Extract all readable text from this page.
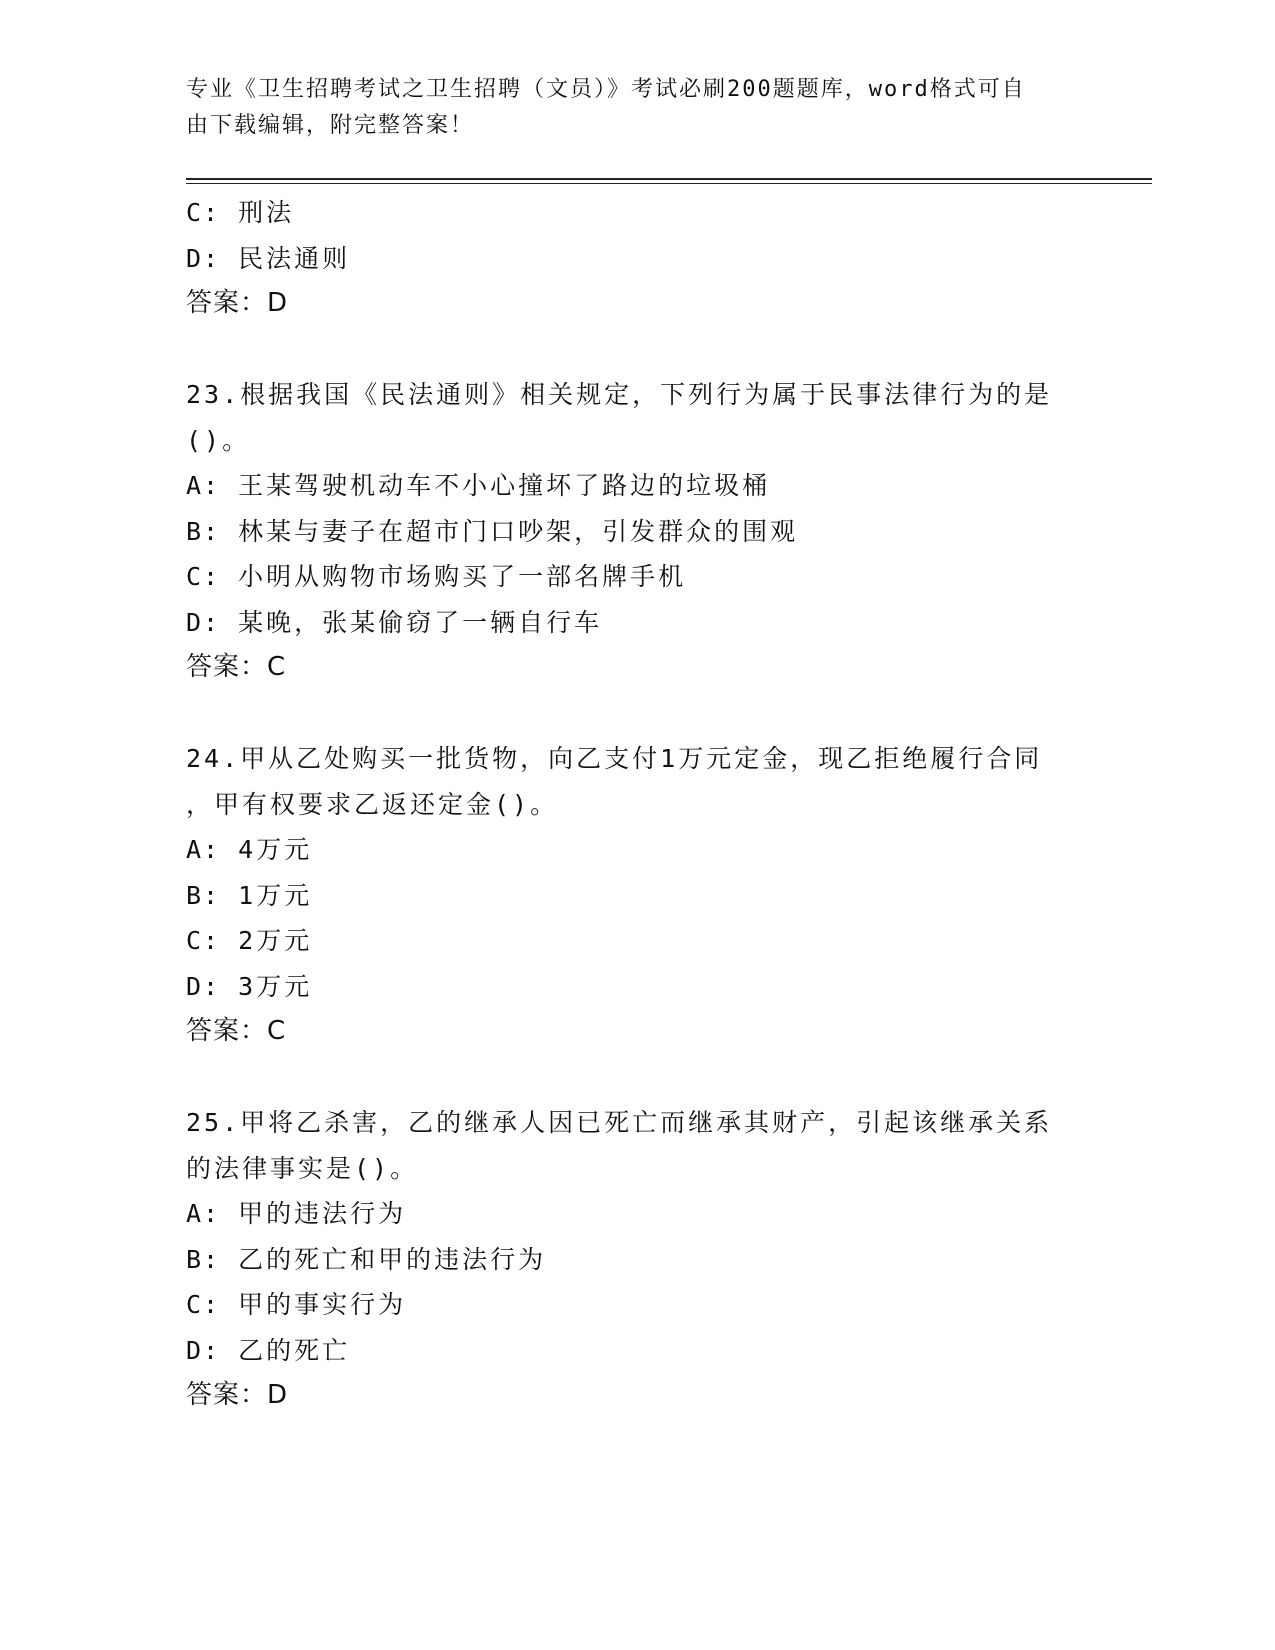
专业《卫生招聘考试之卫生招聘（文员）》考试必刷200题题库，word格式可自
由下载编辑，附完整答案！
C: 刑法
D: 民法通则
答案：D
23.根据我国《民法通则》相关规定，下列行为属于民事法律行为的是
()。
A: 王某驾驶机动车不小心撞坏了路边的垃圾桶
B: 林某与妻子在超市门口吵架，引发群众的围观
C: 小明从购物市场购买了一部名牌手机
D: 某晚，张某偷窃了一辆自行车
答案：C
24.甲从乙处购买一批货物，向乙支付1万元定金，现乙拒绝履行合同
，甲有权要求乙返还定金()。
A: 4万元
B: 1万元
C: 2万元
D: 3万元
答案：C
25.甲将乙杀害，乙的继承人因已死亡而继承其财产，引起该继承关系
的法律事实是()。
A: 甲的违法行为
B: 乙的死亡和甲的违法行为
C: 甲的事实行为
D: 乙的死亡
答案：D
